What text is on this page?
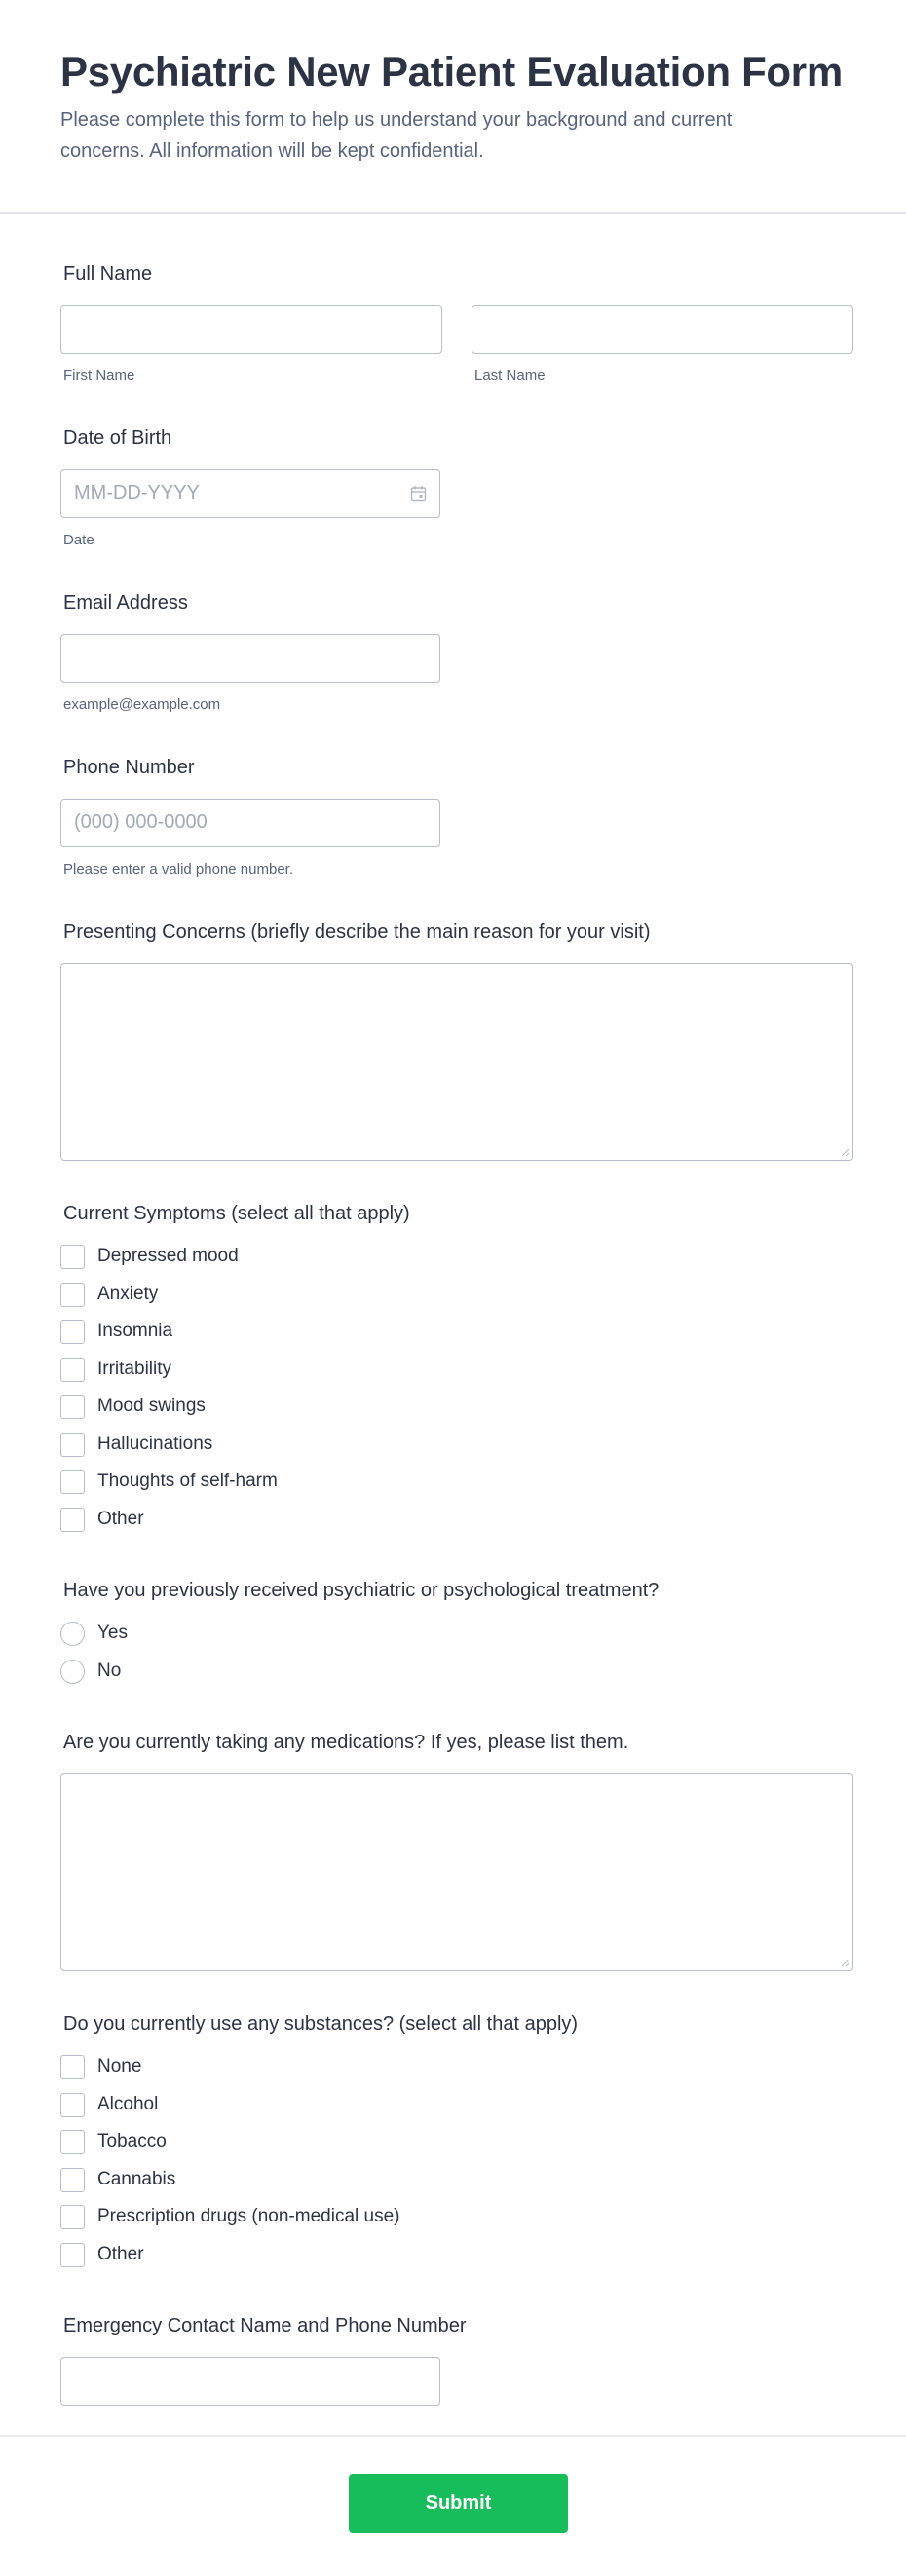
Psychiatric New Patient Evaluation Form

Please complete this form to help us understand your background and current concerns. All information will be kept confidential.

Full Name
First Name	Last Name
Date of Birth
MM-DD-YYYY
Date
Email Address
example@example.com
Phone Number
(000) 000-0000
Please enter a valid phone number.
Presenting Concerns (briefly describe the main reason for your visit)
Current Symptoms (select all that apply)
Depressed mood
Anxiety
Insomnia
Irritability
Mood swings
Hallucinations
Thoughts of self-harm
Other
Have you previously received psychiatric or psychological treatment?
Yes
No
Are you currently taking any medications? If yes, please list them.
Do you currently use any substances? (select all that apply)
None
Alcohol
Tobacco
Cannabis
Prescription drugs (non-medical use)
Other
Emergency Contact Name and Phone Number
Submit
